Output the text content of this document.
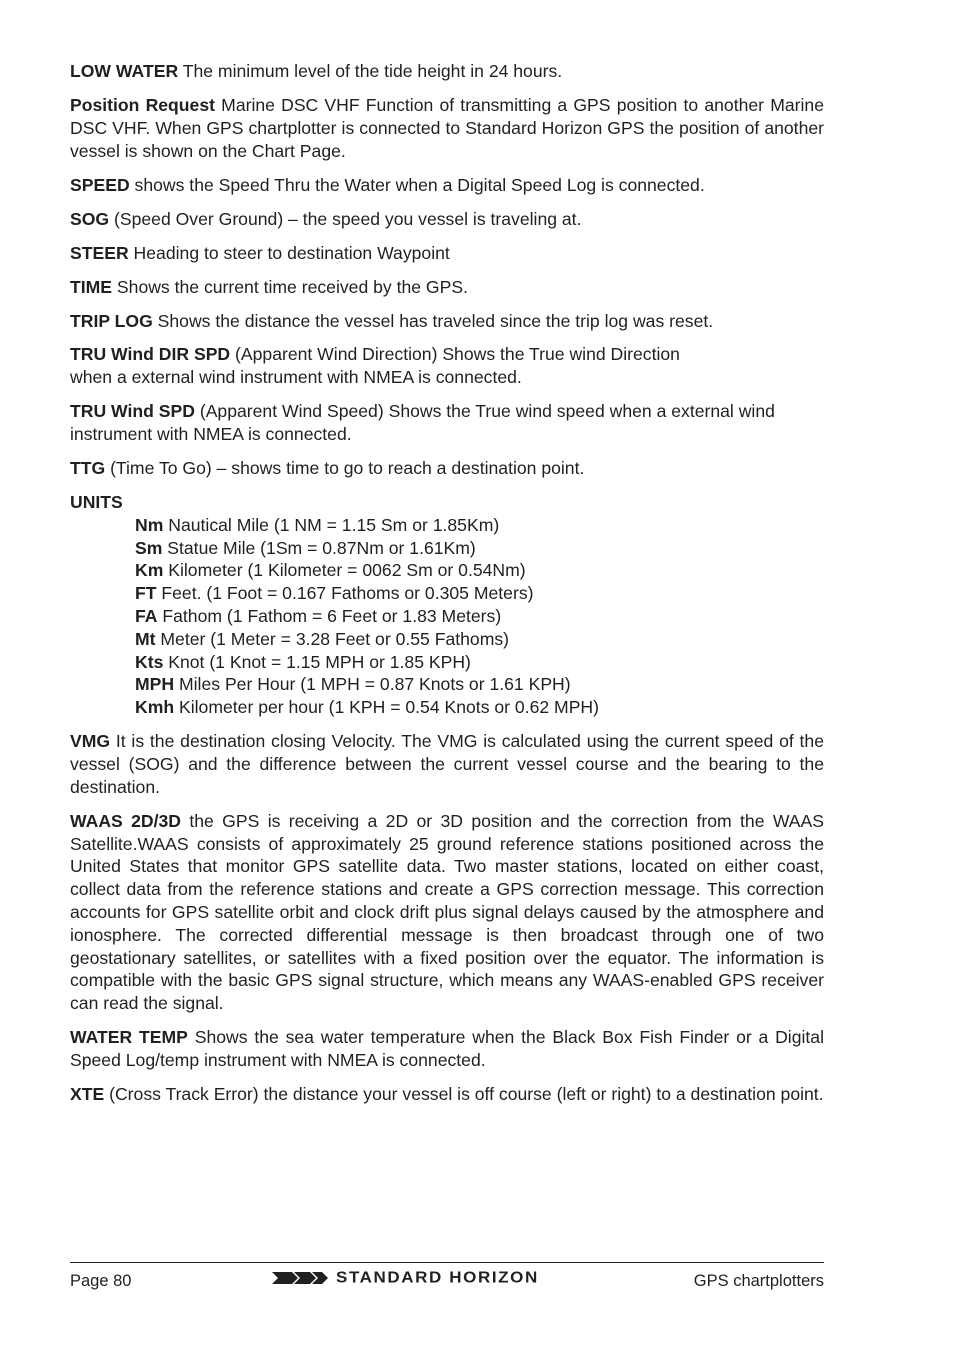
LOW WATER The minimum level of the tide height in 24 hours.

Position Request Marine DSC VHF Function of transmitting a GPS position to another Marine DSC VHF. When GPS chartplotter is connected to Standard Horizon GPS the position of another vessel is shown on the Chart Page.

SPEED shows the Speed Thru the Water when a Digital Speed Log is connected.

SOG (Speed Over Ground) – the speed you vessel is traveling at.

STEER Heading to steer to destination Waypoint

TIME Shows the current time received by the GPS.

TRIP LOG Shows the distance the vessel has traveled since the trip log was reset.

TRU Wind DIR SPD (Apparent Wind Direction) Shows the True wind Direction
when a external wind instrument with NMEA is connected.

TRU Wind SPD (Apparent Wind Speed) Shows the True wind speed when a external wind instrument with NMEA is connected.

TTG (Time To Go) – shows time to go to reach a destination point.

UNITS
Nm Nautical Mile (1 NM = 1.15 Sm or 1.85Km)
Sm Statue Mile (1Sm = 0.87Nm or 1.61Km)
Km Kilometer (1 Kilometer = 0062 Sm or 0.54Nm)
FT Feet. (1 Foot = 0.167 Fathoms or 0.305 Meters)
FA Fathom (1 Fathom = 6 Feet or 1.83 Meters)
Mt Meter (1 Meter = 3.28 Feet or 0.55 Fathoms)
Kts Knot (1 Knot = 1.15 MPH or 1.85 KPH)
MPH Miles Per Hour (1 MPH = 0.87 Knots or 1.61 KPH)
Kmh Kilometer per hour (1 KPH = 0.54 Knots or 0.62 MPH)

VMG It is the destination closing Velocity. The VMG is calculated using the current speed of the vessel (SOG) and the difference between the current vessel course and the bearing to the destination.

WAAS 2D/3D the GPS is receiving a 2D or 3D position and the correction from the WAAS Satellite.WAAS consists of approximately 25 ground reference stations positioned across the United States that monitor GPS satellite data. Two master stations, located on either coast, collect data from the reference stations and create a GPS correction message. This correction accounts for GPS satellite orbit and clock drift plus signal delays caused by the atmosphere and ionosphere. The corrected differential message is then broadcast through one of two geostationary satellites, or satellites with a fixed position over the equator. The information is compatible with the basic GPS signal structure, which means any WAAS-enabled GPS receiver can read the signal.

WATER TEMP Shows the sea water temperature when the Black Box Fish Finder or a Digital Speed Log/temp instrument with NMEA is connected.

XTE (Cross Track Error) the distance your vessel is off course (left or right) to a destination point.

Page 80	STANDARD HORIZON	GPS chartplotters
